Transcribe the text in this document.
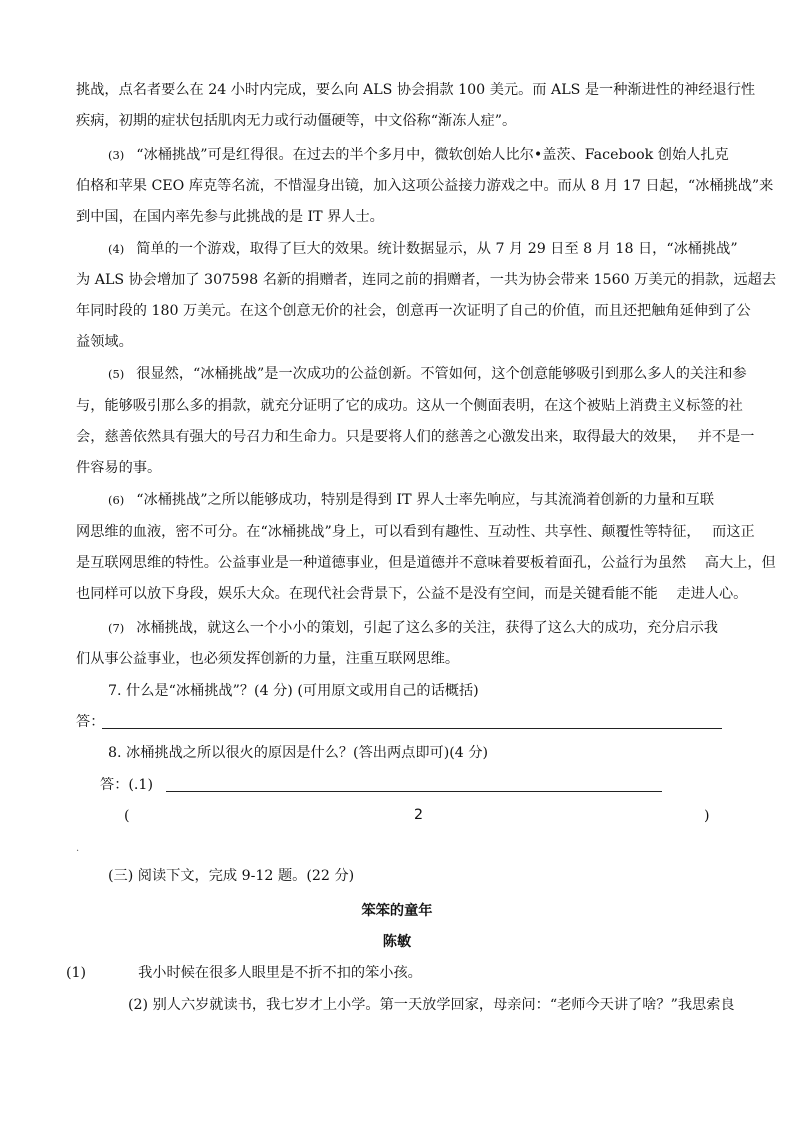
挑战，点名者要么在 24 小时内完成，要么向 ALS 协会捐款 100 美元。而 ALS 是一种渐进性的神经退行性
疾病，初期的症状包括肌肉无力或行动僵硬等，中文俗称“渐冻人症”。
(3) “冰桶挑战”可是红得很。在过去的半个多月中，微软创始人比尔•盖茨、Facebook 创始人扎克
伯格和苹果 CEO 库克等名流，不惜湿身出镜，加入这项公益接力游戏之中。而从 8 月 17 日起，“冰桶挑战”来
到中国，在国内率先参与此挑战的是 IT 界人士。
(4) 简单的一个游戏，取得了巨大的效果。统计数据显示，从 7 月 29 日至 8 月 18 日，“冰桶挑战”
为 ALS 协会增加了 307598 名新的捐赠者，连同之前的捐赠者，一共为协会带来 1560 万美元的捐款，远超去
年同时段的 180 万美元。在这个创意无价的社会，创意再一次证明了自己的价值，而且还把触角延伸到了公
益领域。
(5) 很显然，“冰桶挑战”是一次成功的公益创新。不管如何，这个创意能够吸引到那么多人的关注和参
与，能够吸引那么多的捐款，就充分证明了它的成功。这从一个侧面表明，在这个被贴上消费主义标签的社
会，慈善依然具有强大的号召力和生命力。只是要将人们的慈善之心激发出来，取得最大的效果，　 并不是一
件容易的事。
(6) “冰桶挑战”之所以能够成功，特别是得到 IT 界人士率先响应，与其流淌着创新的力量和互联
网思维的血液，密不可分。在“冰桶挑战”身上，可以看到有趣性、互动性、共享性、颠覆性等特征，　 而这正
是互联网思维的特性。公益事业是一种道德事业，但是道德并不意味着要板着面孔，公益行为虽然　 高大上，但
也同样可以放下身段，娱乐大众。在现代社会背景下，公益不是没有空间，而是关键看能不能　 走进人心。
(7) 冰桶挑战，就这么一个小小的策划，引起了这么多的关注，获得了这么大的成功，充分启示我
们从事公益事业，也必须发挥创新的力量，注重互联网思维。
7. 什么是“冰桶挑战”？(4 分) (可用原文或用自己的话概括)
答：
8. 冰桶挑战之所以很火的原因是什么？(答出两点即可)(4 分)
答：(.1)
(	2	)
·
(三) 阅读下文，完成 9-12 题。(22 分)
笨笨的童年
陈敏
(1)	我小时候在很多人眼里是不折不扣的笨小孩。
(2) 别人六岁就读书，我七岁才上小学。第一天放学回家，母亲问：“老师今天讲了啥？”我思索良
